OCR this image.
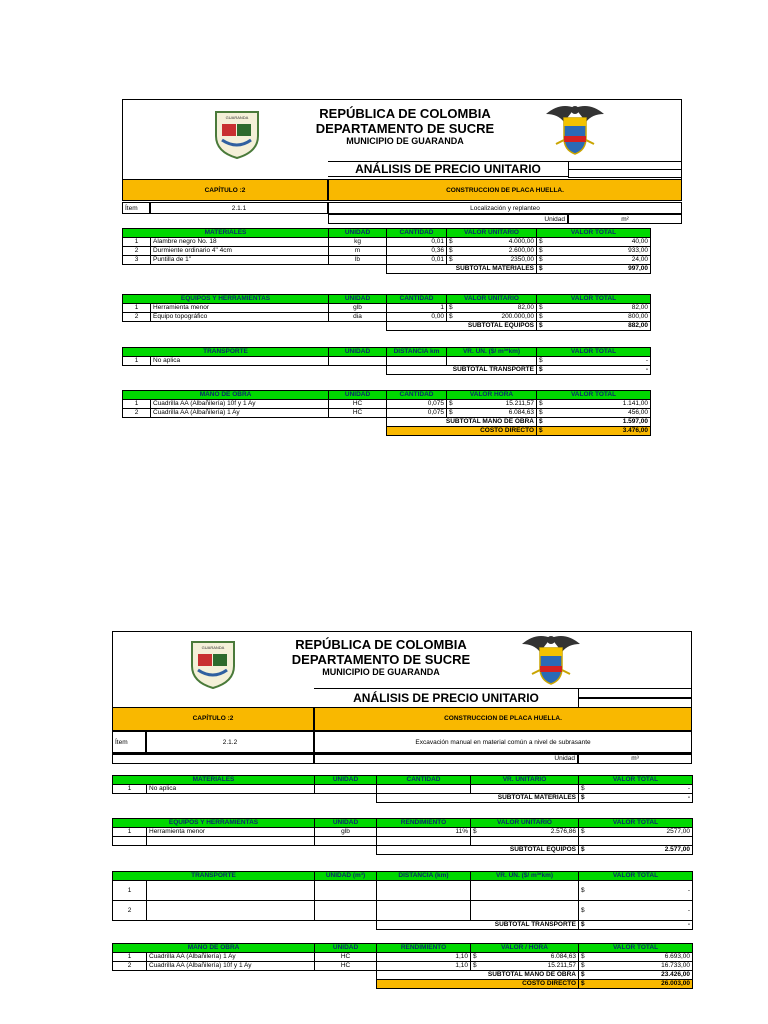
GUARANDA	REPÚBLICA DE COLOMBIA
DEPARTAMENTO DE SUCRE
MUNICIPIO DE GUARANDA
ANÁLISIS DE PRECIO UNITARIO
CAPÍTULO :2	CONSTRUCCION DE PLACA HUELLA.
Ítem	2.1.1	Localización y replanteo
Unidad	m²
MATERIALES		UNIDAD	CANTIDAD	VALOR UNITARIO	VALOR TOTAL
1	Alambre negro No. 18	kg	0,01	$ 4.000,00	$ 40,00
2	Durmiente ordinario 4" 4cm	m	0,36	$ 2.600,00	$ 933,00
3	Puntilla de 1"	lb	0,01	$ 2350,00	$ 24,00
			SUBTOTAL MATERIALES		$ 997,00
EQUIPOS Y HERRAMIENTAS		UNIDAD	CANTIDAD	VALOR UNITARIO	VALOR TOTAL
1	Herramienta menor	glb	1	$ 82,00	$ 82,00
2	Equipo topográfico	dia	0,00	$ 200.000,00	$ 800,00
			SUBTOTAL EQUIPOS		$ 882,00
TRANSPORTE		UNIDAD	DISTANCIA km	VR. UN. ($/ m³*km)	VALOR TOTAL
1	No aplica				$ -
			SUBTOTAL TRANSPORTE		$ -
MANO DE OBRA		UNIDAD	CANTIDAD	VALOR HORA	VALOR TOTAL
1	Cuadrilla AA (Albañilería) 10f y 1 Ay	HC	0,075	$ 15.211,57	$ 1.141,00
2	Cuadrilla AA (Albañilería) 1 Ay	HC	0,075	$ 6.084,63	$ 456,00
			SUBTOTAL MANO DE OBRA		$ 1.597,00
			COSTO DIRECTO		$ 3.476,00
GUARANDA	REPÚBLICA DE COLOMBIA
DEPARTAMENTO DE SUCRE
MUNICIPIO DE GUARANDA
ANÁLISIS DE PRECIO UNITARIO
CAPÍTULO :2	CONSTRUCCION DE PLACA HUELLA.
Ítem	2.1.2	Excavación manual en material común a nivel de subrasante
Unidad	m³
MATERIALES		UNIDAD	CANTIDAD	VR. UNITARIO	VALOR TOTAL
1	No aplica				$ -
			SUBTOTAL MATERIALES		$ -
EQUIPOS Y HERRAMIENTAS		UNIDAD	RENDIMIENTO	VALOR UNITARIO	VALOR TOTAL
1	Herramienta menor	glb	11%	$ 2.576,86	$ 2577,00

			SUBTOTAL EQUIPOS		$ 2.577,00
TRANSPORTE		UNIDAD (m³)	DISTANCIA (km)	VR. UN. ($/ m³*km)	VALOR TOTAL
1					$ -
2					$ -
			SUBTOTAL TRANSPORTE		$ -
MANO DE OBRA		UNIDAD	RENDIMIENTO	VALOR / HORA	VALOR TOTAL
1	Cuadrilla AA (Albañilería) 1 Ay	HC	1,10	$ 6.084,63	$ 6.693,00
2	Cuadrilla AA (Albañilería) 10f y 1 Ay	HC	1,10	$ 15.211,57	$ 16.733,00
			SUBTOTAL MANO DE OBRA		$ 23.426,00
			COSTO DIRECTO		$ 26.003,00
